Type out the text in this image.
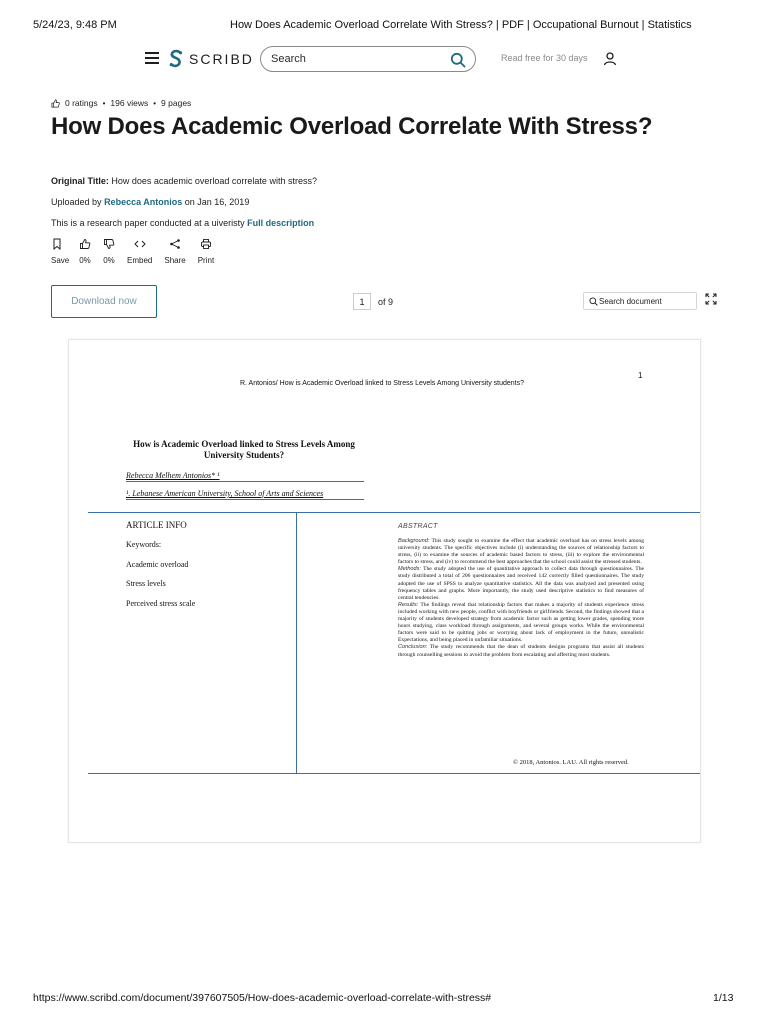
5/24/23, 9:48 PM	How Does Academic Overload Correlate With Stress? | PDF | Occupational Burnout | Statistics
SCRIBD
Search	Read free for 30 days
0 ratings • 196 views • 9 pages
How Does Academic Overload Correlate With Stress?
Original Title: How does academic overload correlate with stress?
Uploaded by Rebecca Antonios on Jan 16, 2019
This is a research paper conducted at a uiveristy Full description
Save 0% 0% Embed Share Print
Download now
1	of 9
Search document
1
R. Antonios/ How is Academic Overload linked to Stress Levels Among University students?
How is Academic Overload linked to Stress Levels Among University Students?
Rebecca Melhem Antonios* ¹
¹. Lebanese American University, School of Arts and Sciences
ARTICLE INFO
Keywords:
Academic overload
Stress levels
Perceived stress scale
ABSTRACT
Background: This study sought to examine the effect that academic overload has on stress levels among university students. The specific objectives include (i) understanding the sources of relationship factors to stress, (ii) to examine the sources of academic based factors to stress, (iii) to explore the environmental factors to stress, and (iv) to recommend the best approaches that the school could assist the stressed students.
Methods: The study adopted the use of quantitative approach to collect data through questionnaires. The study distributed a total of 206 questionnaires and received 142 correctly filled questionnaires. The study adopted the use of SPSS to analyze quantitative statistics. All the data was analyzed and presented using frequency tables and graphs. More importantly, the study used descriptive statistics to find measures of central tendencies.
Results: The findings reveal that relationship factors that makes a majority of students experience stress included working with new people, conflict with boyfriends or girlfriends. Second, the findings showed that a majority of students developed strategy from academic factor such as getting lower grades, spending more hours studying, class workload through assignments, and several groups works. While the environmental factors were said to be quitting jobs or worrying about lack of employment in the future, unrealistic Expectations, and being placed in unfamiliar situations.
Conclusion: The study recommends that the dean of students designs programs that assist all students through counselling sessions to avoid the problem from escalating and affecting most students.
© 2018, Antonios. LAU. All rights reserved.
https://www.scribd.com/document/397607505/How-does-academic-overload-correlate-with-stress#	1/13
